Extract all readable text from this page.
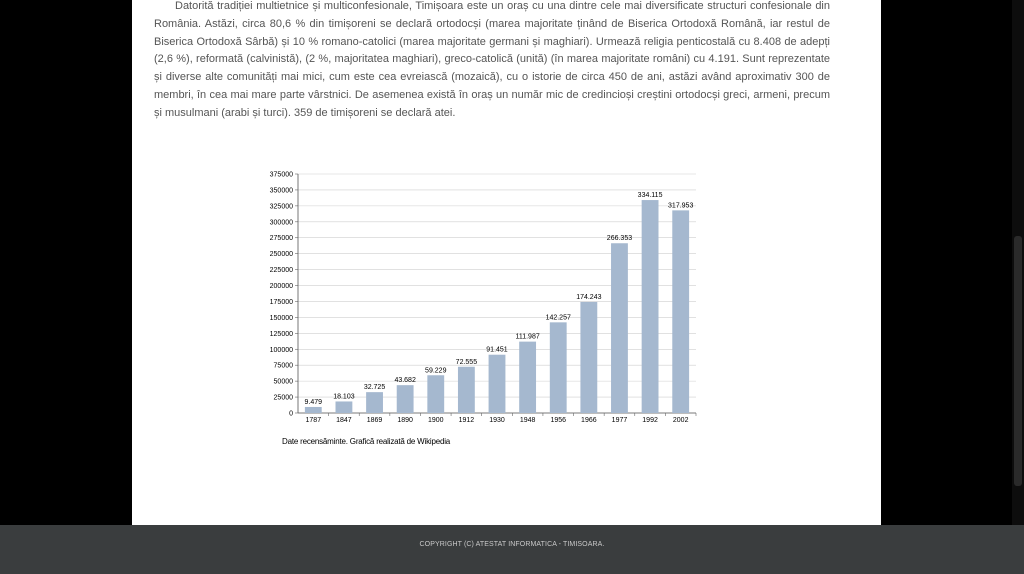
Datorită tradiției multietnice și multiconfesionale, Timișoara este un oraș cu una dintre cele mai diversificate structuri confesionale din România. Astăzi, circa 80,6 % din timișoreni se declară ortodocși (marea majoritate ținând de Biserica Ortodoxă Română, iar restul de Biserica Ortodoxă Sârbă) și 10 % romano-catolici (marea majoritate germani și maghiari). Urmează religia penticostală cu 8.408 de adepți (2,6 %), reformată (calvinistă), (2 %, majoritatea maghiari), greco-catolică (unită) (în marea majoritate români) cu 4.191. Sunt reprezentate și diverse alte comunități mai mici, cum este cea evreiască (mozaică), cu o istorie de circa 450 de ani, astăzi având aproximativ 300 de membri, în cea mai mare parte vârstnici. De asemenea există în oraș un număr mic de credincioși creștini ortodocși greci, armeni, precum și musulmani (arabi și turci). 359 de timișoreni se declară atei.
0
25000
50000
75000
100000
125000
150000
175000
200000
225000
250000
275000
300000
325000
350000
375000
9.479
1787
18.103
1847
32.725
1869
43.682
1890
59.229
1900
72.555
1912
91.451
1930
111.987
1948
142.257
1956
174.243
1966
266.353
1977
334.115
1992
317.953
2002
Date recensăminte. Grafică realizată de Wikipedia
COPYRIGHT (C) ATESTAT INFORMATICA - TIMISOARA.
